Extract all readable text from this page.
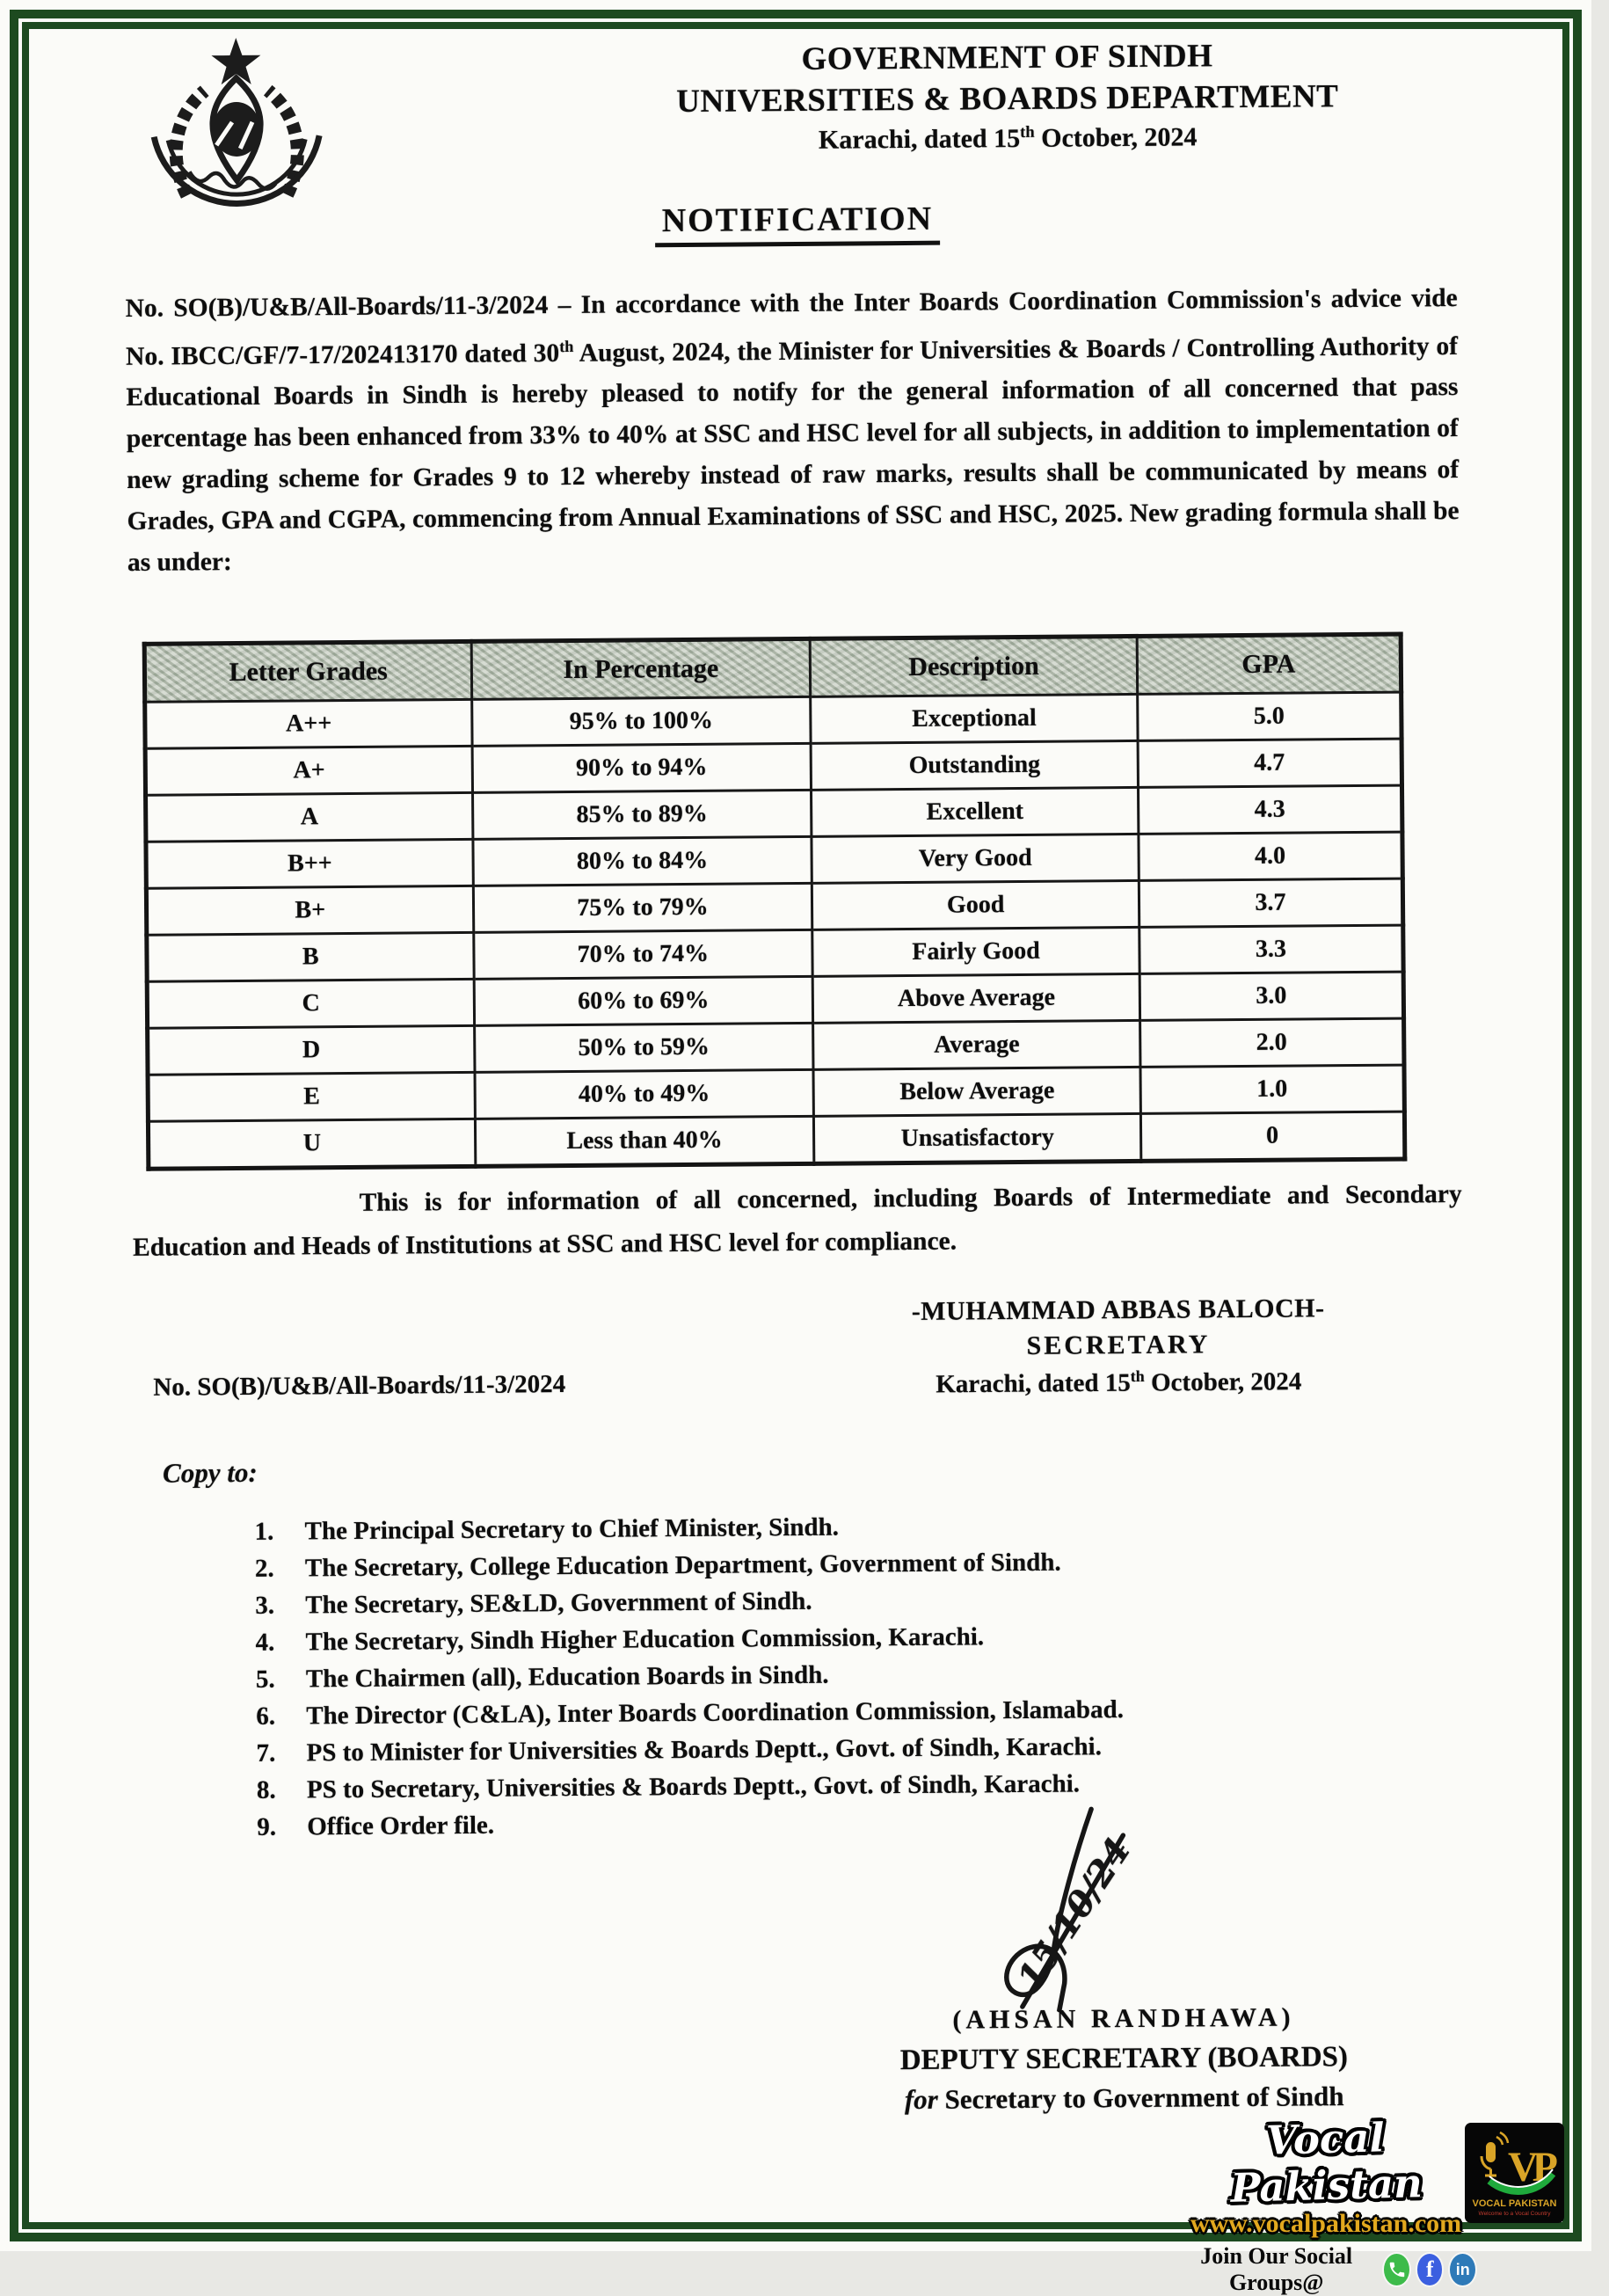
GOVERNMENT OF SINDH
UNIVERSITIES & BOARDS DEPARTMENT
Karachi, dated 15th October, 2024
NOTIFICATION

No. SO(B)/U&B/All-Boards/11-3/2024 – In accordance with the Inter Boards Coordination Commission's advice vide No. IBCC/GF/7-17/202413170 dated 30th August, 2024, the Minister for Universities & Boards / Controlling Authority of Educational Boards in Sindh is hereby pleased to notify for the general information of all concerned that pass percentage has been enhanced from 33% to 40% at SSC and HSC level for all subjects, in addition to implementation of new grading scheme for Grades 9 to 12 whereby instead of raw marks, results shall be communicated by means of Grades, GPA and CGPA, commencing from Annual Examinations of SSC and HSC, 2025. New grading formula shall be as under:

Letter Grades	In Percentage	Description	GPA
A++	95% to 100%	Exceptional	5.0
A+	90% to 94%	Outstanding	4.7
A	85% to 89%	Excellent	4.3
B++	80% to 84%	Very Good	4.0
B+	75% to 79%	Good	3.7
B	70% to 74%	Fairly Good	3.3
C	60% to 69%	Above Average	3.0
D	50% to 59%	Average	2.0
E	40% to 49%	Below Average	1.0
U	Less than 40%	Unsatisfactory	0

This is for information of all concerned, including Boards of Intermediate and Secondary Education and Heads of Institutions at SSC and HSC level for compliance.

-MUHAMMAD ABBAS BALOCH-
SECRETARY
Karachi, dated 15th October, 2024
No. SO(B)/U&B/All-Boards/11-3/2024
Copy to:
The Principal Secretary to Chief Minister, Sindh.
The Secretary, College Education Department, Government of Sindh.
The Secretary, SE&LD, Government of Sindh.
The Secretary, Sindh Higher Education Commission, Karachi.
The Chairmen (all), Education Boards in Sindh.
The Director (C&LA), Inter Boards Coordination Commission, Islamabad.
PS to Minister for Universities & Boards Deptt., Govt. of Sindh, Karachi.
PS to Secretary, Universities & Boards Deptt., Govt. of Sindh, Karachi.
Office Order file.
15/10/24
(AHSAN RANDHAWA)
DEPUTY SECRETARY (BOARDS)
for Secretary to Government of Sindh
Vocal Pakistan
www.vocalpakistan.com
Join Our Social Groups@
f	in
VP
VOCAL PAKISTAN
Welcome to a Vocal Country
